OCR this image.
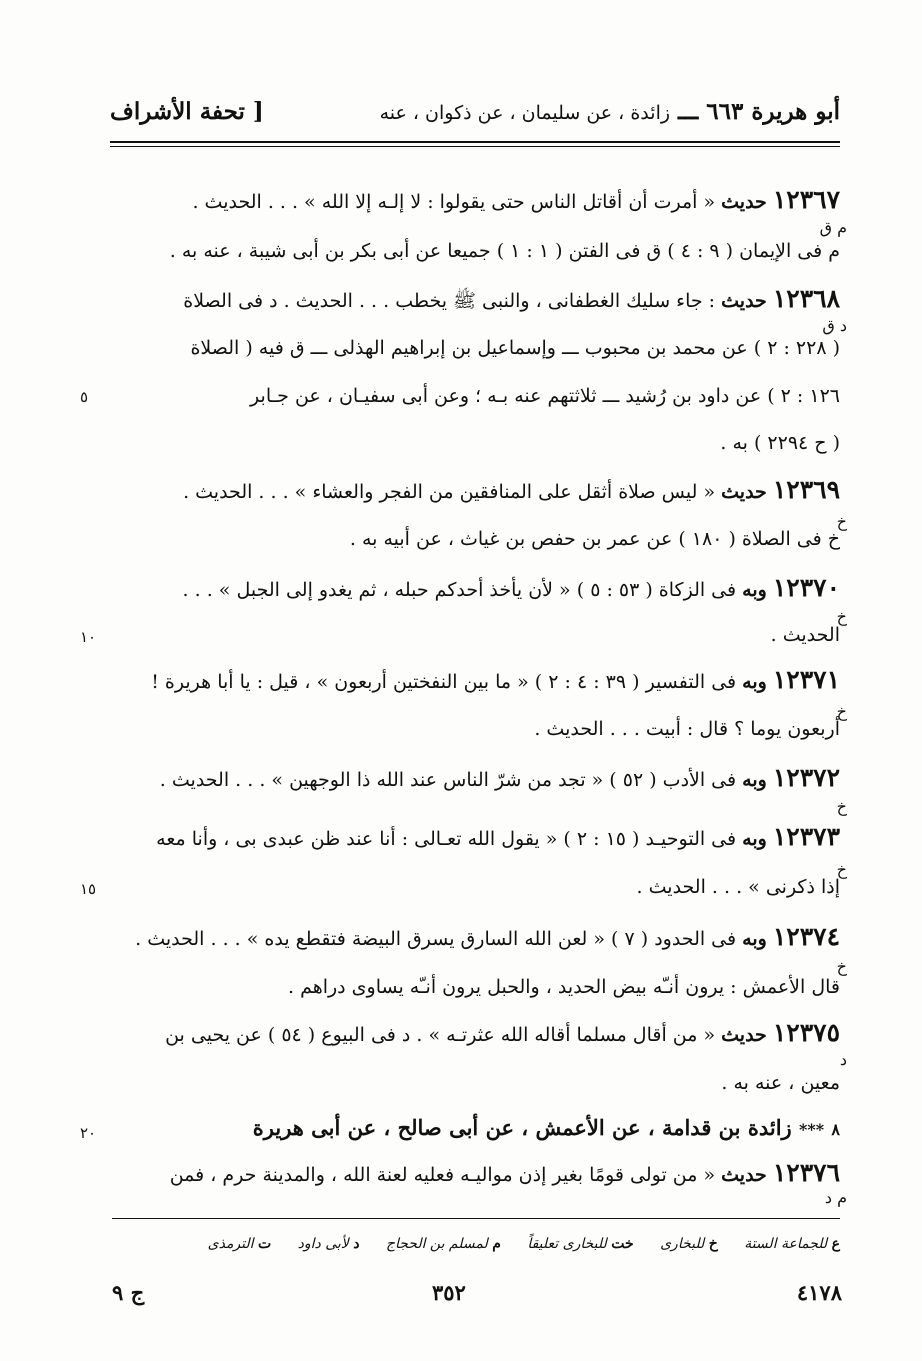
أبو هريرة ٦٦٣ ـــ زائدة ، عن سليمان ، عن ذكوان ، عنه
[ تحفة الأشراف
١٢٣٦٧ حديث « أمرت أن أقاتل الناس حتى يقولوا : لا إلـه إلا الله » . . . الحديث .
م فى الإيمان ( ٩ : ٤ ) ق فى الفتن ( ١ : ١ ) جميعا عن أبى بكر بن أبى شيبة ، عنه به .
١٢٣٦٨ حديث : جاء سليك الغطفانى ، والنبى ﷺ يخطب . . . الحديث . د فى الصلاة
( ٢٢٨ : ٢ ) عن محمد بن محبوب ـــ وإسماعيل بن إبراهيم الهذلى ـــ ق فيه ( الصلاة
١٢٦ : ٢ ) عن داود بن رُشيد ـــ ثلاثتهم عنه بـه ؛ وعن أبى سفيـان ، عن جـابر
( ح ٢٢٩٤ ) به .
١٢٣٦٩ حديث « ليس صلاة أثقل على المنافقين من الفجر والعشاء » . . . الحديث .
خ فى الصلاة ( ١٨٠ ) عن عمر بن حفص بن غياث ، عن أبيه به .
١٢٣٧٠ وبه فى الزكاة ( ٥٣ : ٥ ) « لأن يأخذ أحدكم حبله ، ثم يغدو إلى الجبل » . . .
الحديث .
١٢٣٧١ وبه فى التفسير ( ٣٩ : ٤ : ٢ ) « ما بين النفختين أربعون » ، قيل : يا أبا هريرة !
أربعون يوما ؟ قال : أبيت . . . الحديث .
١٢٣٧٢ وبه فى الأدب ( ٥٢ ) « تجد من شرّ الناس عند الله ذا الوجهين » . . . الحديث .
١٢٣٧٣ وبه فى التوحيـد ( ١٥ : ٢ ) « يقول الله تعـالى : أنا عند ظن عبدى بى ، وأنا معه
إذا ذكرنى » . . . الحديث .
١٢٣٧٤ وبه فى الحدود ( ٧ ) « لعن الله السارق يسرق البيضة فتقطع يده » . . . الحديث .
قال الأعمش : يرون أنـّه بيض الحديد ، والحبل يرون أنـّه يساوى دراهم .
١٢٣٧٥ حديث « من أقال مسلما أقاله الله عثرتـه » . د فى البيوع ( ٥٤ ) عن يحيى بن
معين ، عنه به .
١٢٣٧٦ حديث « من تولى قومًا بغير إذن مواليـه فعليه لعنة الله ، والمدينة حرم ، فمن
م ق
د ق
خ
خ
خ
خ
خ
خ
د
م د
٥
١٠
١٥
٢٠	٨ *** زائدة بن قدامة ، عن الأعمش ، عن أبى صالح ، عن أبى هريرة
ع للجماعة الستة خ للبخارى خت للبخارى تعليقاً م لمسلم بن الحجاج د لأبى داود ت الترمذى
٤١٧٨
٣٥٢
ج ٩
